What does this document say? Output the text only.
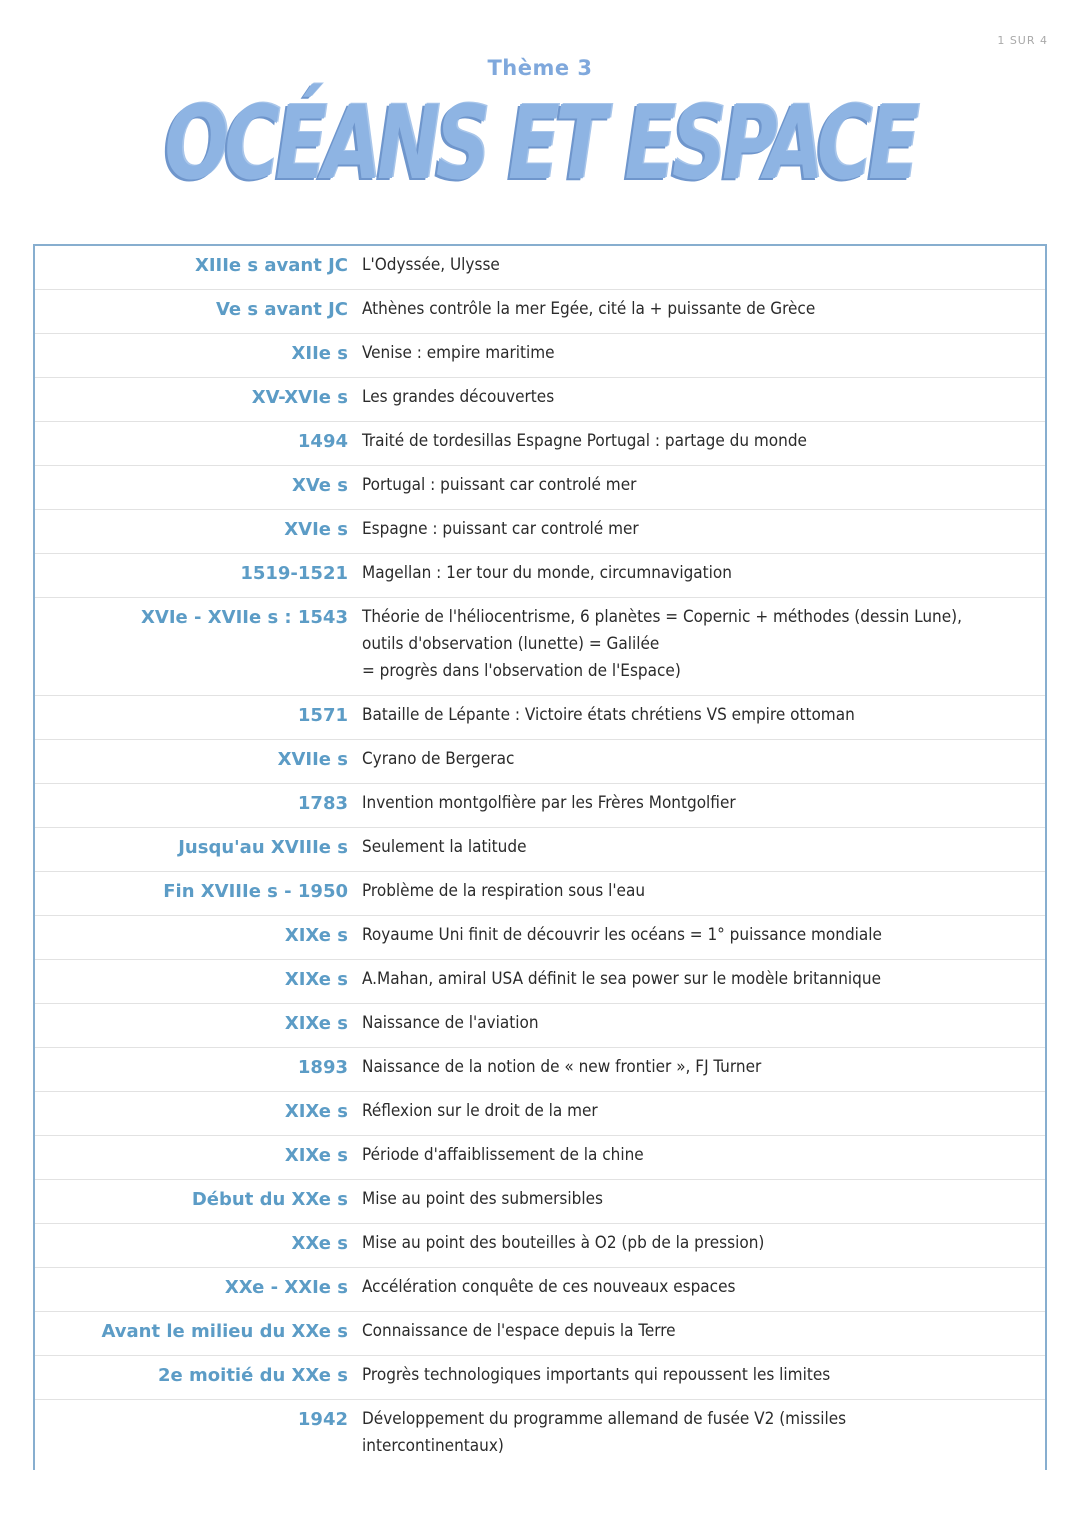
1 SUR 4
Thème 3
OCÉANS ET ESPACE
XIIIe s avant JC L'Odyssée, Ulysse
Ve s avant JC Athènes contrôle la mer Egée, cité la + puissante de Grèce
XIIe s Venise : empire maritime
XV-XVIe s Les grandes découvertes
1494 Traité de tordesillas Espagne Portugal : partage du monde
XVe s Portugal : puissant car controlé mer
XVIe s Espagne : puissant car controlé mer
1519-1521 Magellan : 1er tour du monde, circumnavigation
XVIe - XVIIe s : 1543 Théorie de l'héliocentrisme, 6 planètes = Copernic + méthodes (dessin Lune),
outils d'observation (lunette) = Galilée
= progrès dans l'observation de l'Espace)
1571 Bataille de Lépante : Victoire états chrétiens VS empire ottoman
XVIIe s Cyrano de Bergerac
1783 Invention montgolfière par les Frères Montgolfier
Jusqu'au XVIIIe s Seulement la latitude
Fin XVIIIe s - 1950 Problème de la respiration sous l'eau
XIXe s Royaume Uni finit de découvrir les océans = 1° puissance mondiale
XIXe s A.Mahan, amiral USA définit le sea power sur le modèle britannique
XIXe s Naissance de l'aviation
1893 Naissance de la notion de « new frontier », FJ Turner
XIXe s Réflexion sur le droit de la mer
XIXe s Période d'affaiblissement de la chine
Début du XXe s Mise au point des submersibles
XXe s Mise au point des bouteilles à O2 (pb de la pression)
XXe - XXIe s Accélération conquête de ces nouveaux espaces
Avant le milieu du XXe s Connaissance de l'espace depuis la Terre
2e moitié du XXe s Progrès technologiques importants qui repoussent les limites
1942 Développement du programme allemand de fusée V2 (missiles
intercontinentaux)
